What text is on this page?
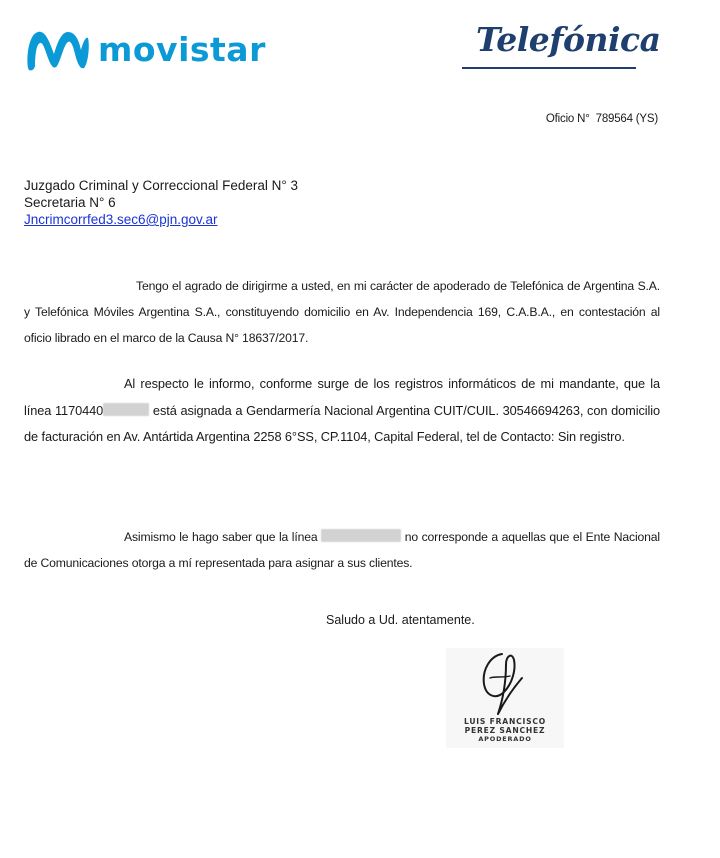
movistar	Telefónica
Oficio N° 789564 (YS)
Juzgado Criminal y Correccional Federal N° 3
Secretaria N° 6
Jncrimcorrfed3.sec6@pjn.gov.ar
Tengo el agrado de dirigirme a usted, en mi carácter de apoderado de Telefónica de Argentina S.A. y Telefónica Móviles Argentina S.A., constituyendo domicilio en Av. Independencia 169, C.A.B.A., en contestación al oficio librado en el marco de la Causa N° 18637/2017.
Al respecto le informo, conforme surge de los registros informáticos de mi mandante, que la línea 1170440	está asignada a Gendarmería Nacional Argentina CUIT/CUIL. 30546694263, con domicilio de facturación en Av. Antártida Argentina 2258 6°SS, CP.1104, Capital Federal, tel de Contacto: Sin registro.
Asimismo le hago saber que la línea	no corresponde a aquellas que el Ente Nacional de Comunicaciones otorga a mí representada para asignar a sus clientes.
Saludo a Ud. atentamente.
LUIS FRANCISCO
PEREZ SANCHEZ
APODERADO
